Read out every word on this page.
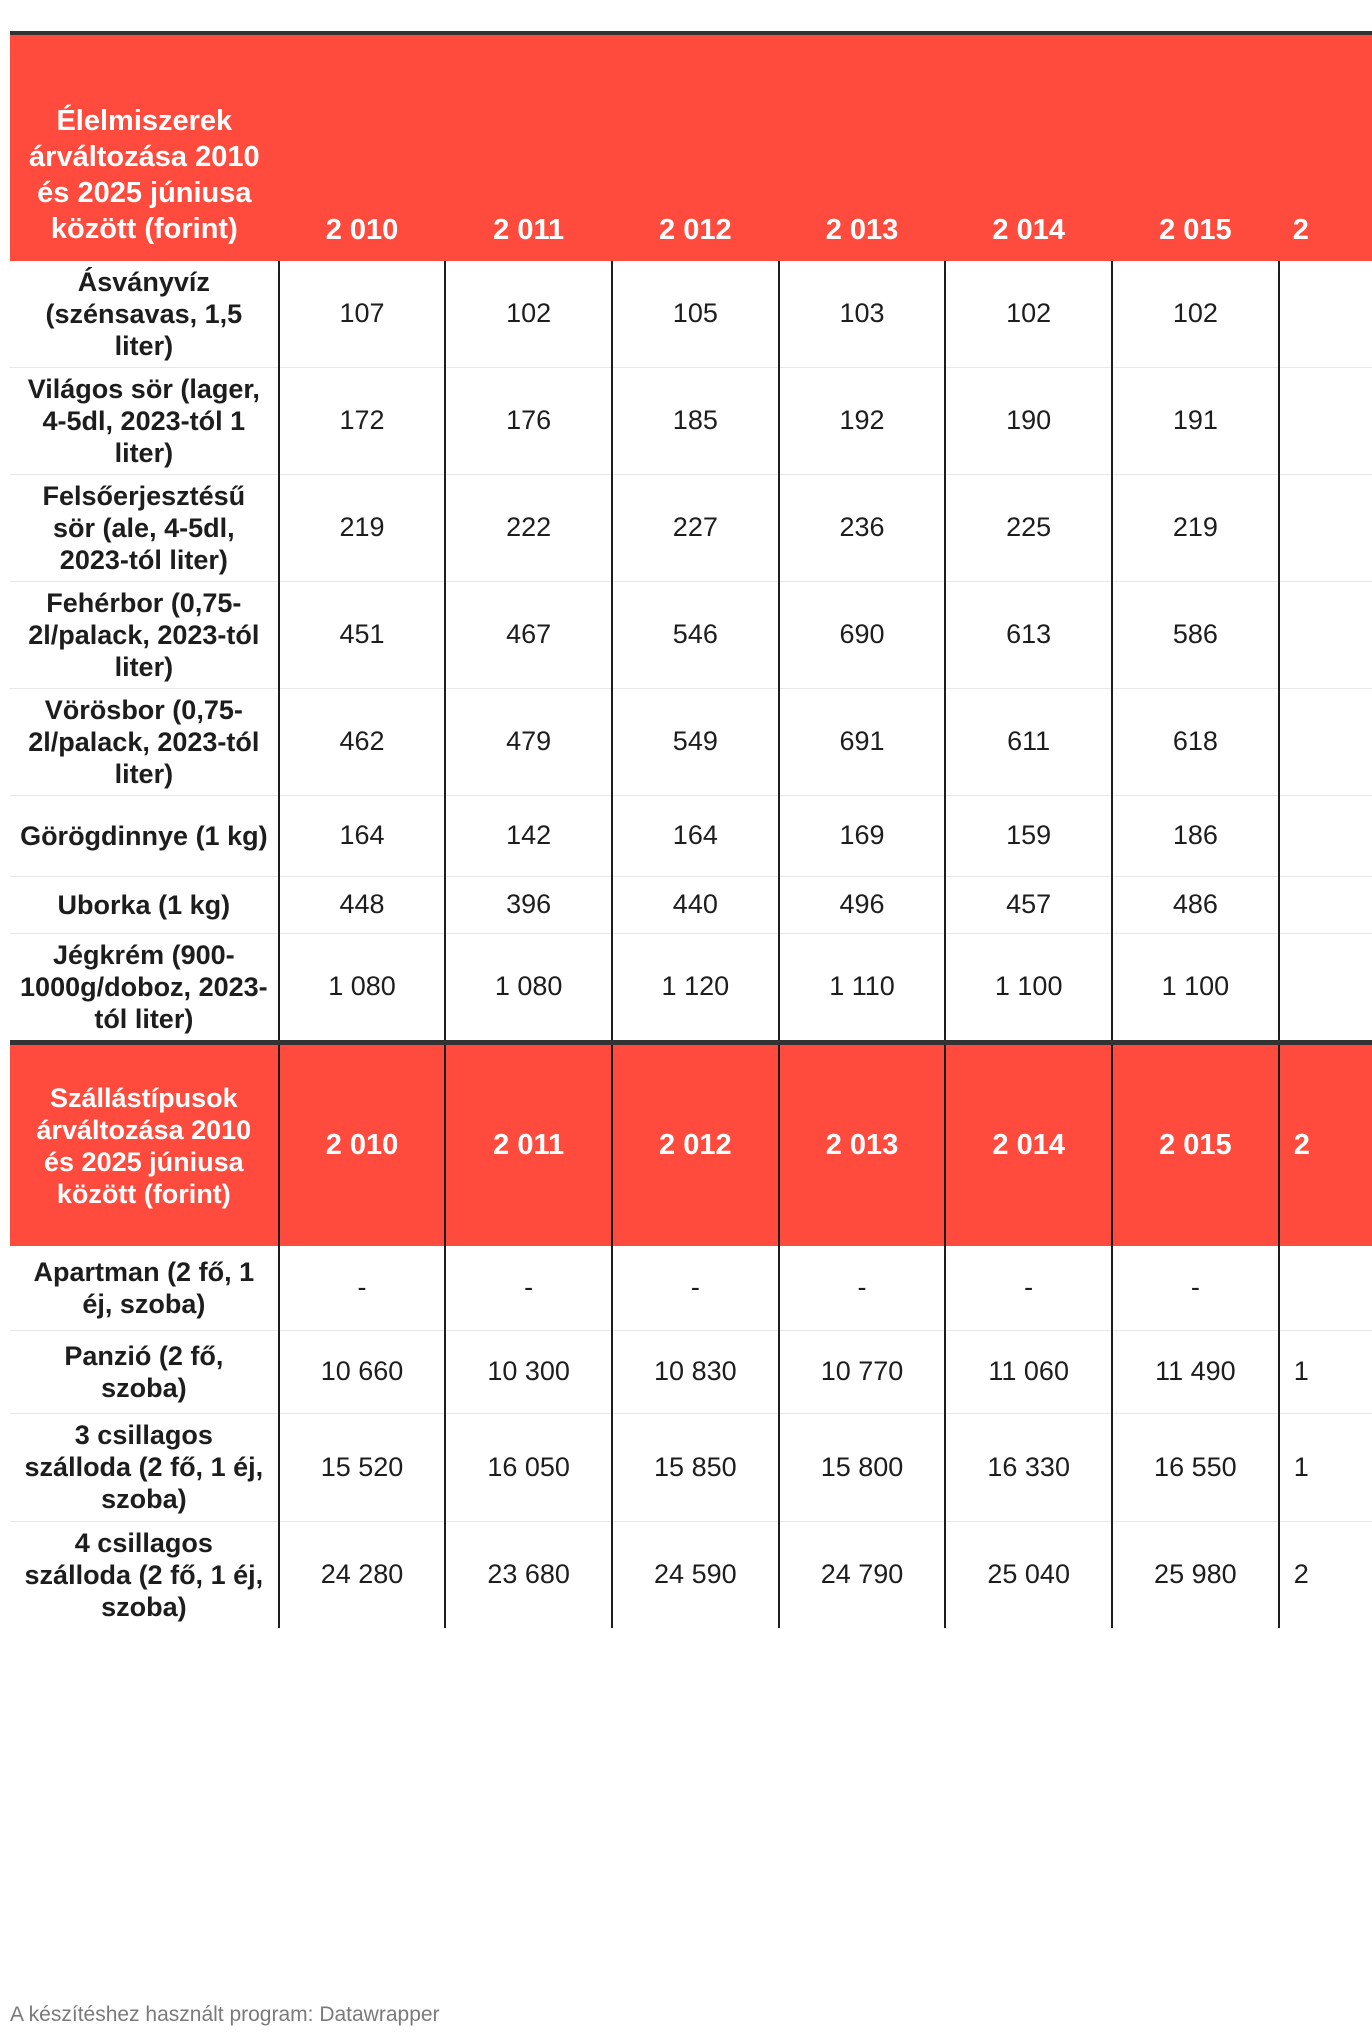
Élelmiszerek árváltozása 2010 és 2025 júniusa között (forint)	2 010	2 011	2 012	2 013	2 014	2 015	2
Ásványvíz (szénsavas, 1,5 liter)	107	102	105	103	102	102	
Világos sör (lager, 4-5dl, 2023-tól 1 liter)	172	176	185	192	190	191	
Felsőerjesztésű sör (ale, 4-5dl, 2023-tól liter)	219	222	227	236	225	219	
Fehérbor (0,75-2l/palack, 2023-tól liter)	451	467	546	690	613	586	
Vörösbor (0,75-2l/palack, 2023-tól liter)	462	479	549	691	611	618	
Görögdinnye (1 kg)	164	142	164	169	159	186	
Uborka (1 kg)	448	396	440	496	457	486	
Jégkrém (900-1000g/doboz, 2023-tól liter)	1 080	1 080	1 120	1 110	1 100	1 100	

Szállástípusok árváltozása 2010 és 2025 júniusa között (forint)	2 010	2 011	2 012	2 013	2 014	2 015	2
Apartman (2 fő, 1 éj, szoba)	-	-	-	-	-	-	
Panzió (2 fő, szoba)	10 660	10 300	10 830	10 770	11 060	11 490	1
3 csillagos szálloda (2 fő, 1 éj, szoba)	15 520	16 050	15 850	15 800	16 330	16 550	1
4 csillagos szálloda (2 fő, 1 éj, szoba)	24 280	23 680	24 590	24 790	25 040	25 980	2
A készítéshez használt program: Datawrapper
